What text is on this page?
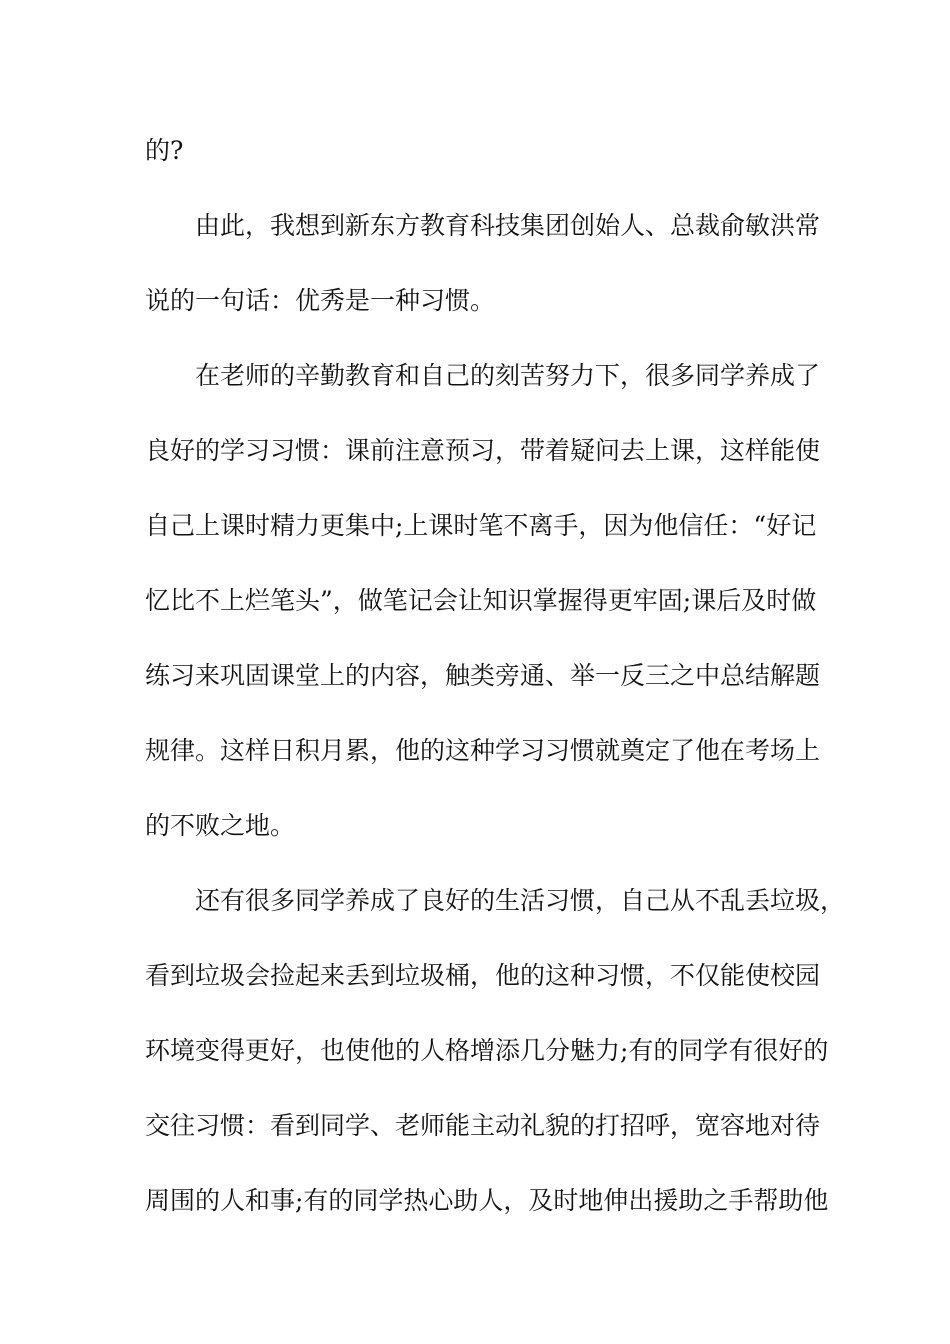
的?
由此，我想到新东方教育科技集团创始人、总裁俞敏洪常
说的一句话：优秀是一种习惯。
在老师的辛勤教育和自己的刻苦努力下，很多同学养成了
良好的学习习惯：课前注意预习，带着疑问去上课，这样能使
自己上课时精力更集中;上课时笔不离手，因为他信任：“好记
忆比不上烂笔头”，做笔记会让知识掌握得更牢固;课后及时做
练习来巩固课堂上的内容，触类旁通、举一反三之中总结解题
规律。这样日积月累，他的这种学习习惯就奠定了他在考场上
的不败之地。
还有很多同学养成了良好的生活习惯，自己从不乱丢垃圾，
看到垃圾会捡起来丢到垃圾桶，他的这种习惯，不仅能使校园
环境变得更好，也使他的人格增添几分魅力;有的同学有很好的
交往习惯：看到同学、老师能主动礼貌的打招呼，宽容地对待
周围的人和事;有的同学热心助人，及时地伸出援助之手帮助他
